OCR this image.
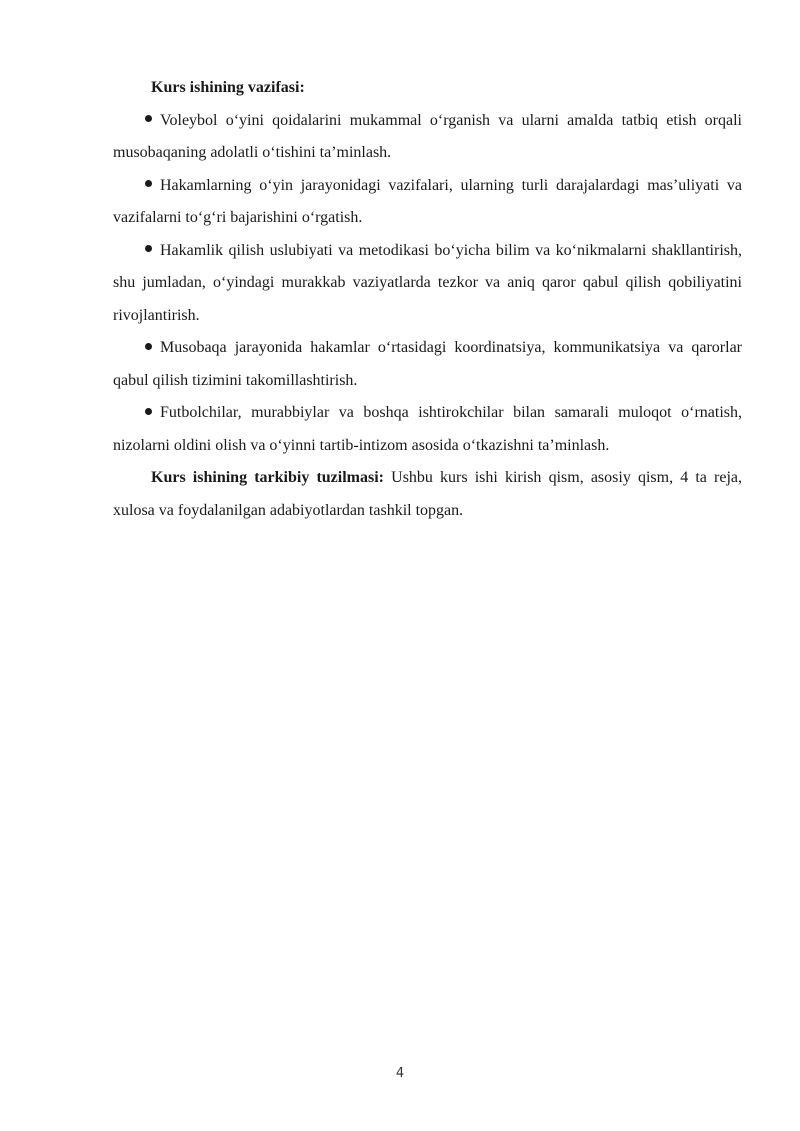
Kurs ishining vazifasi:

Voleybol o‘yini qoidalarini mukammal o‘rganish va ularni amalda tatbiq etish orqali musobaqaning adolatli o‘tishini ta’minlash.

Hakamlarning o‘yin jarayonidagi vazifalari, ularning turli darajalardagi mas’uliyati va vazifalarni to‘g‘ri bajarishini o‘rgatish.

Hakamlik qilish uslubiyati va metodikasi bo‘yicha bilim va ko‘nikmalarni shakllantirish, shu jumladan, o‘yindagi murakkab vaziyatlarda tezkor va aniq qaror qabul qilish qobiliyatini rivojlantirish.

Musobaqa jarayonida hakamlar o‘rtasidagi koordinatsiya, kommunikatsiya va qarorlar qabul qilish tizimini takomillashtirish.

Futbolchilar, murabbiylar va boshqa ishtirokchilar bilan samarali muloqot o‘rnatish, nizolarni oldini olish va o‘yinni tartib-intizom asosida o‘tkazishni ta’minlash.

Kurs ishining tarkibiy tuzilmasi: Ushbu kurs ishi kirish qism, asosiy qism, 4 ta reja, xulosa va foydalanilgan adabiyotlardan tashkil topgan.

4
